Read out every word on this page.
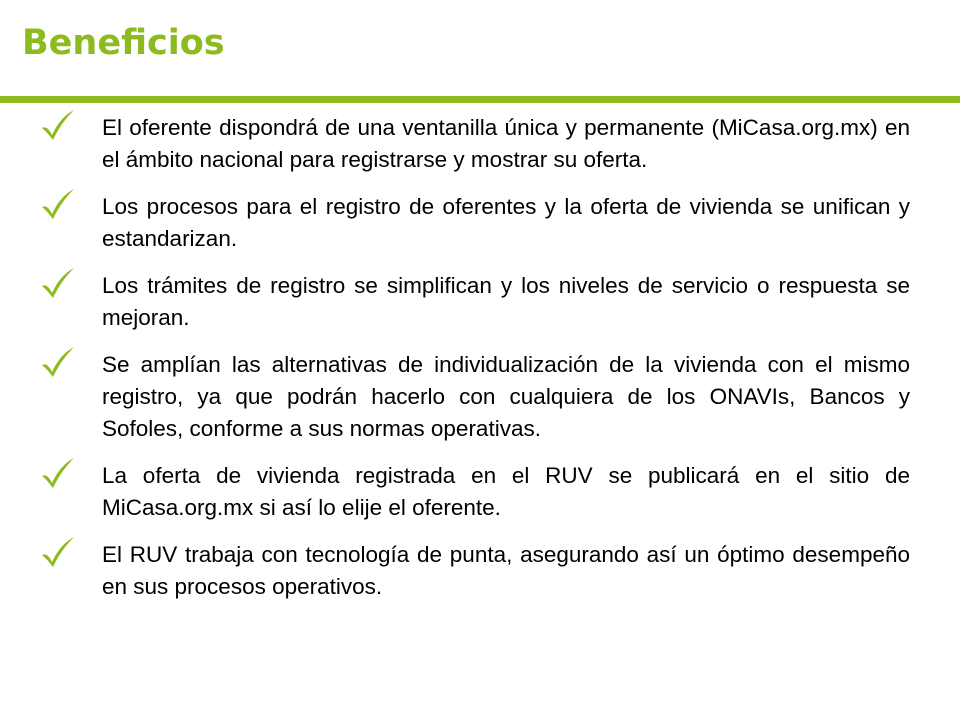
Beneficios

El oferente dispondrá de una ventanilla única y permanente (MiCasa.org.mx) en el ámbito nacional para registrarse y mostrar su oferta.

Los procesos para el registro de oferentes y la oferta de vivienda se unifican y estandarizan.

Los trámites de registro se simplifican y los niveles de servicio o respuesta se mejoran.

Se amplían las alternativas de individualización de la vivienda con el mismo registro, ya que podrán hacerlo con cualquiera de los ONAVIs, Bancos y Sofoles, conforme a sus normas operativas.

La oferta de vivienda registrada en el RUV se publicará en el sitio de MiCasa.org.mx si así lo elije el oferente.

El RUV trabaja con tecnología de punta, asegurando así un óptimo desempeño en sus procesos operativos.
